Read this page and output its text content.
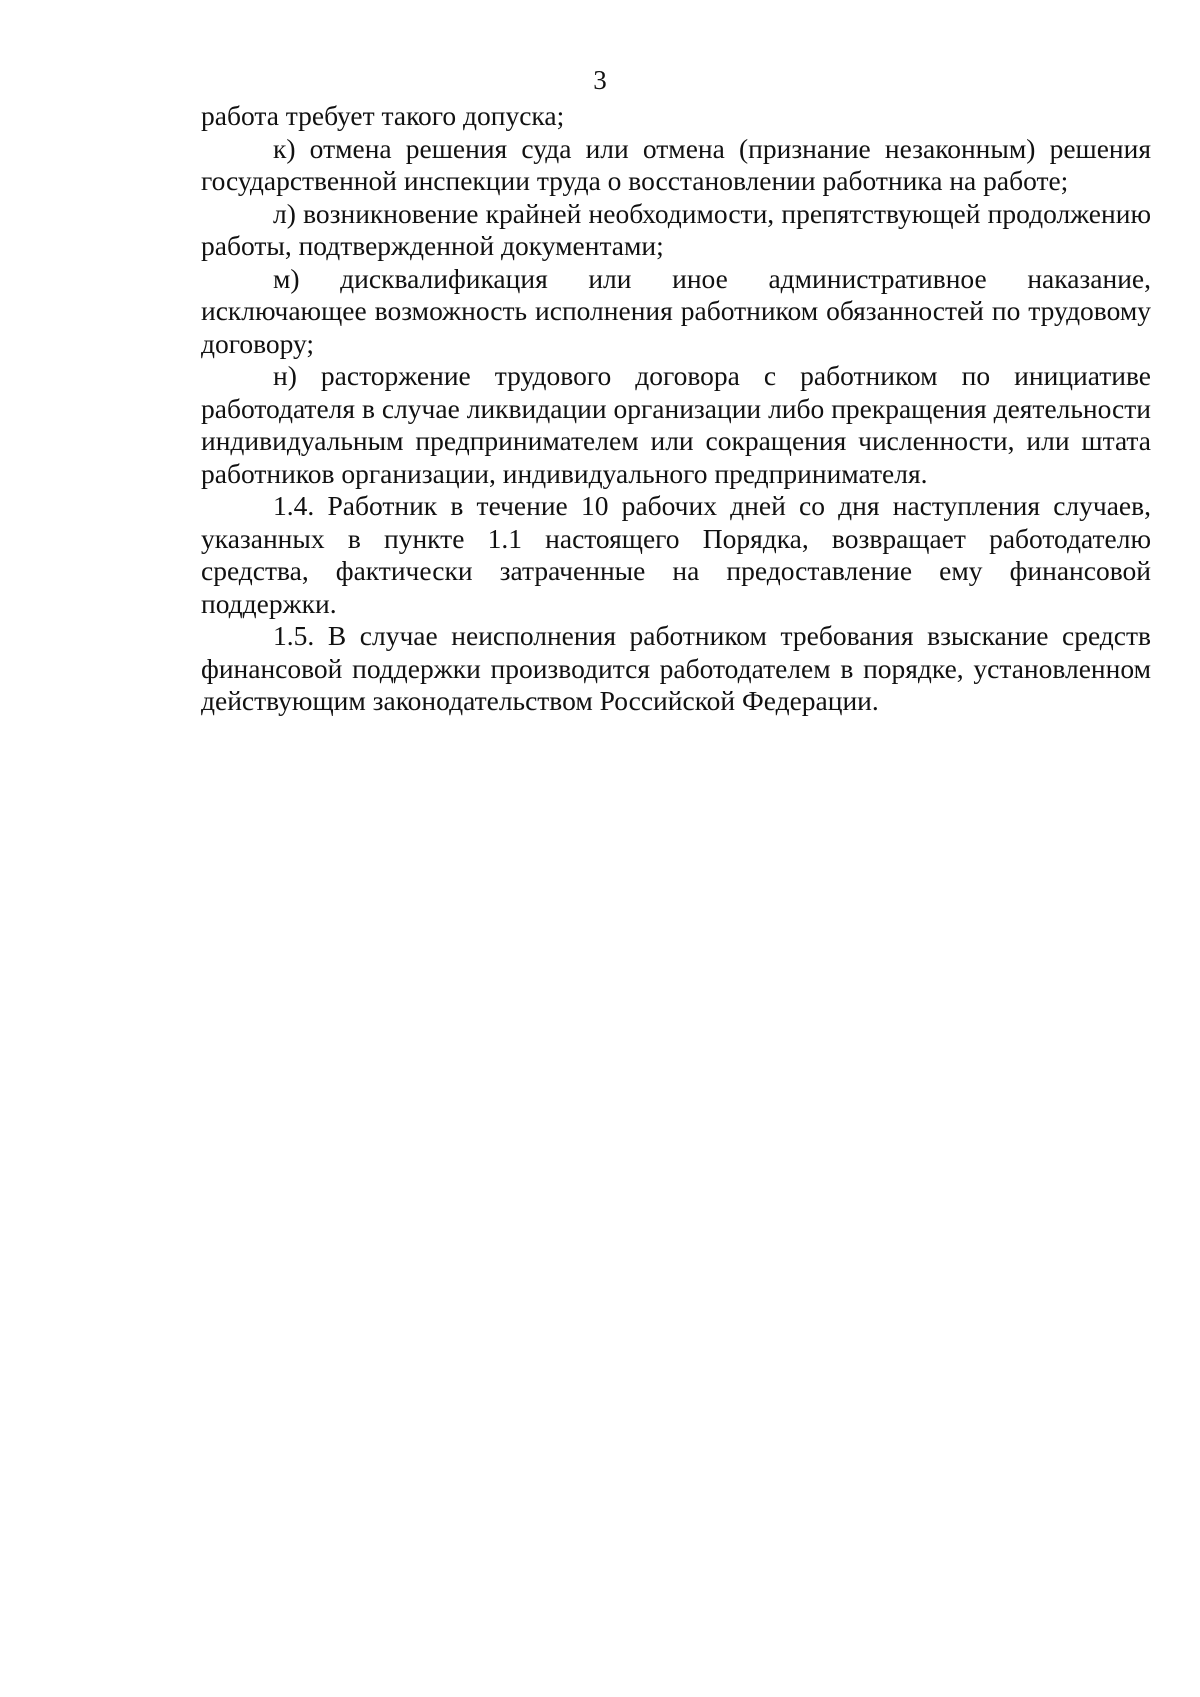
3

работа требует такого допуска;

к) отмена решения суда или отмена (признание незаконным) решения государственной инспекции труда о восстановлении работника на работе;

л) возникновение крайней необходимости, препятствующей продолжению работы, подтвержденной документами;

м) дисквалификация или иное административное наказание, исключающее возможность исполнения работником обязанностей по трудовому договору;

н) расторжение трудового договора с работником по инициативе работодателя в случае ликвидации организации либо прекращения деятельности индивидуальным предпринимателем или сокращения численности, или штата работников организации, индивидуального предпринимателя.

1.4. Работник в течение 10 рабочих дней со дня наступления случаев, указанных в пункте 1.1 настоящего Порядка, возвращает работодателю средства, фактически затраченные на предоставление ему финансовой поддержки.

1.5. В случае неисполнения работником требования взыскание средств финансовой поддержки производится работодателем в порядке, установленном действующим законодательством Российской Федерации.
